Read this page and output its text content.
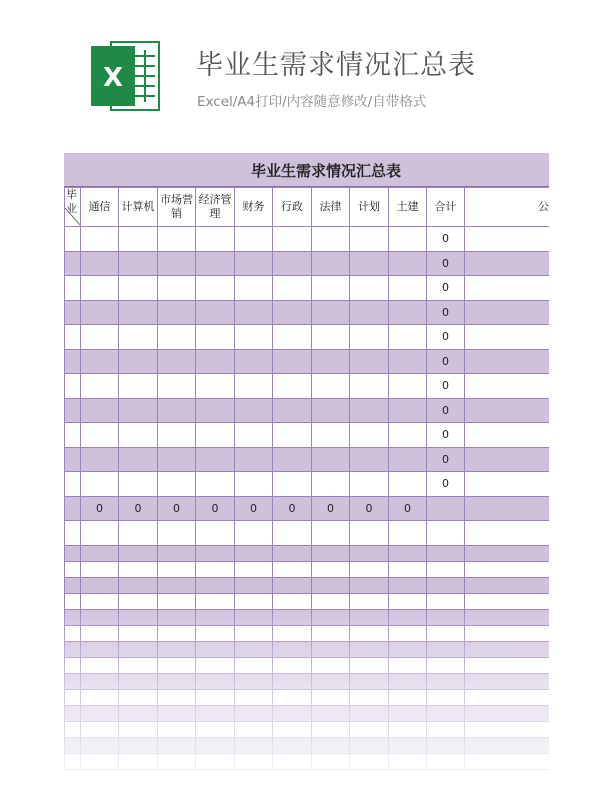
X	毕业生需求情况汇总表
Excel/A4打印/内容随意修改/自带格式
毕业生需求情况汇总表
毕业	通信	计算机	市场营销	经济管理	财务	行政	法律	计划	土建	合计	公
										0	
										0	
										0	
										0	
										0	
										0	
										0	
										0	
										0	
										0	
										0	
	0	0	0	0	0	0	0	0	0		
